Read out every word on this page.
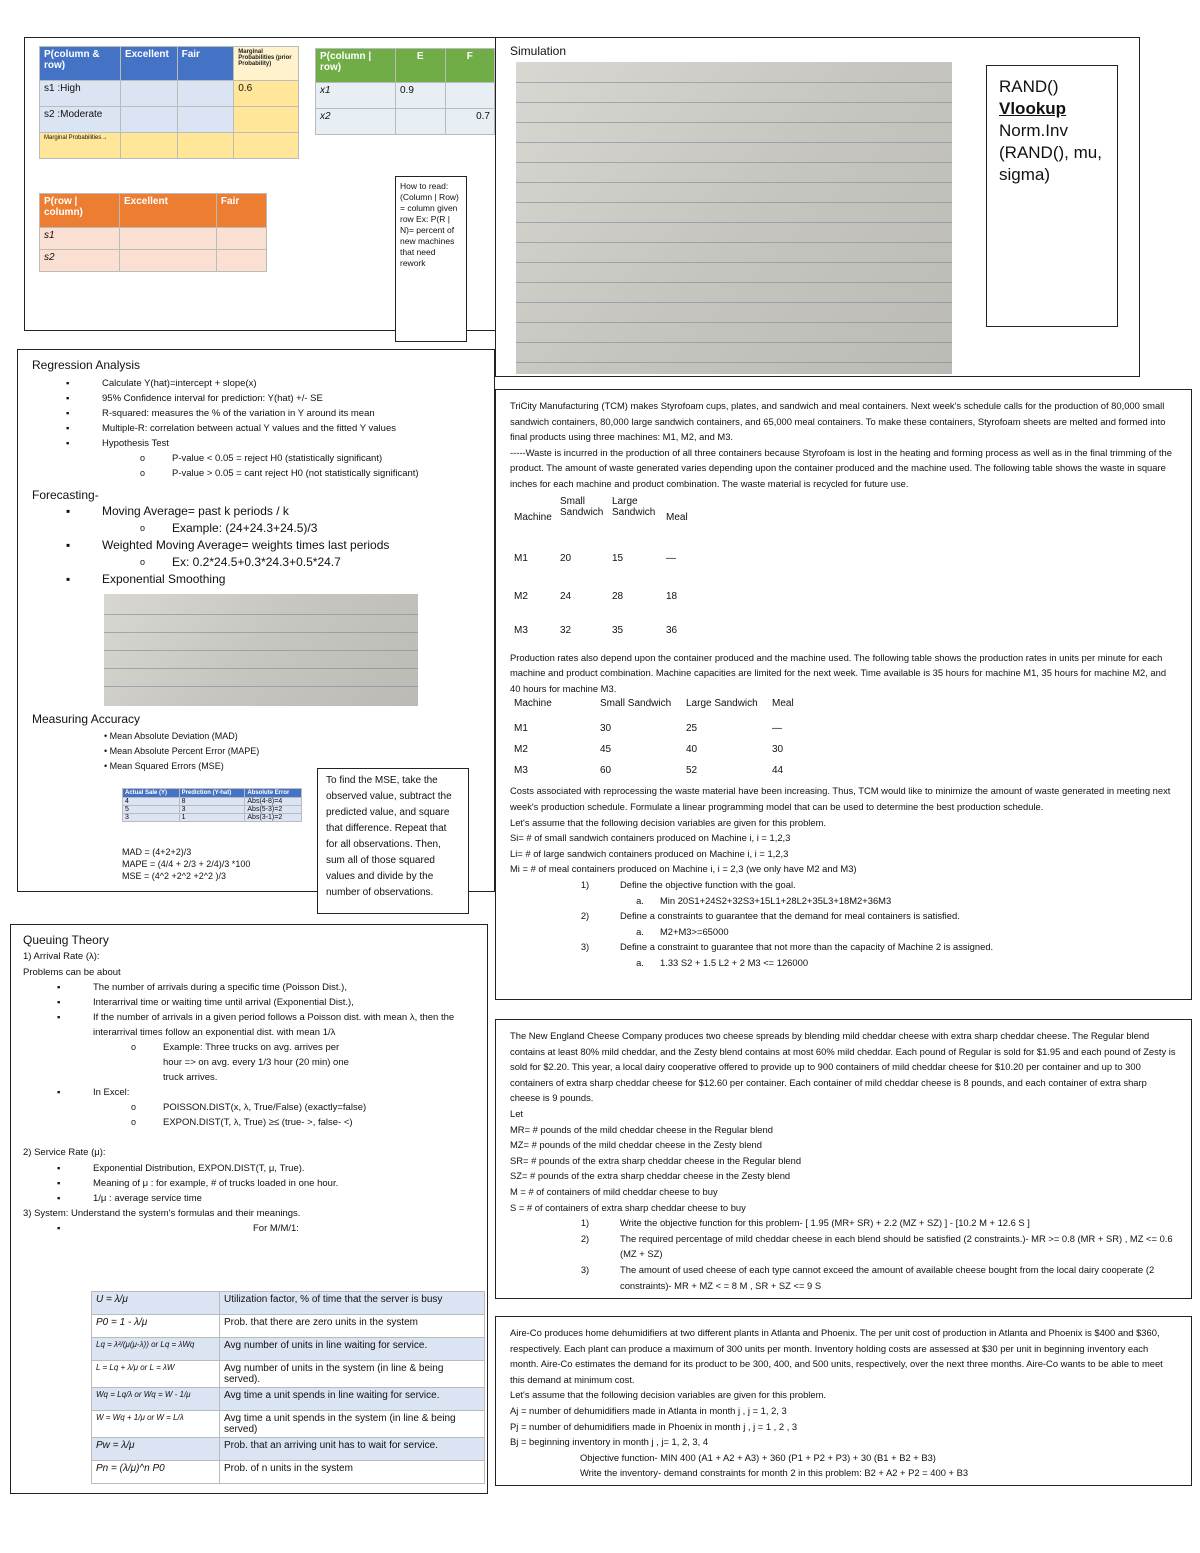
P(column & row)	Excellent	Fair	Marginal Probabilities (prior Probability)
s1 :High			0.6
s2 :Moderate			
Marginal Probabilities→			
P(column | row)	E	F
x1	0.9	
x2		0.7
P(row | column)	Excellent	Fair
s1		
s2		
How to read: (Column | Row) = column given row Ex: P(R | N)= percent of new machines that need rework
Simulation
RAND()
Vlookup
Norm.Inv (RAND(), mu, sigma)
Regression Analysis
▪ Calculate Y(hat)=intercept + slope(x)
▪ 95% Confidence interval for prediction: Y(hat) +/- SE
▪ R-squared: measures the % of the variation in Y around its mean
▪ Multiple-R: correlation between actual Y values and the fitted Y values
▪ Hypothesis Test
o P-value < 0.05 = reject H0 (statistically significant)
o P-value > 0.05 = cant reject H0 (not statistically significant)
Forecasting-
▪ Moving Average= past k periods / k
o Example: (24+24.3+24.5)/3
▪ Weighted Moving Average= weights times last periods
o Ex: 0.2*24.5+0.3*24.3+0.5*24.7
▪ Exponential Smoothing
Measuring Accuracy
• Mean Absolute Deviation (MAD)
• Mean Absolute Percent Error (MAPE)
• Mean Squared Errors (MSE)
Actual Sale (Y)	Prediction (Y-hat)	Absolute Error
4	8	Abs(4-8)=4
5	3	Abs(5-3)=2
3	1	Abs(3-1)=2
MAD = (4+2+2)/3
MAPE = (4/4 + 2/3 + 2/4)/3 *100
MSE = (4^2 +2^2 +2^2 )/3
To find the MSE, take the observed value, subtract the predicted value, and square that difference. Repeat that for all observations. Then, sum all of those squared values and divide by the number of observations.
Queuing Theory
1) Arrival Rate (λ):
Problems can be about
▪ The number of arrivals during a specific time (Poisson Dist.),
▪ Interarrival time or waiting time until arrival (Exponential Dist.),
▪ If the number of arrivals in a given period follows a Poisson dist. with mean λ, then the interarrival times follow an exponential dist. with mean 1/λ
o Example: Three trucks on avg. arrives per hour => on avg. every 1/3 hour (20 min) one truck arrives.
▪ In Excel:
o POISSON.DIST(x, λ, True/False) (exactly=false)
o EXPON.DIST(T, λ, True) ≥≤ (true- >, false- <)
2) Service Rate (μ):
▪ Exponential Distribution, EXPON.DIST(T, μ, True).
▪ Meaning of μ : for example, # of trucks loaded in one hour.
▪ 1/μ : average service time
3) System: Understand the system's formulas and their meanings.
▪ For M/M/1:
U = λ/μ	Utilization factor, % of time that the server is busy
P0 = 1 - λ/μ	Prob. that there are zero units in the system
Lq = λ²/(μ(μ-λ)) or Lq = λWq	Avg number of units in line waiting for service.
L = Lq + λ/μ or L = λW	Avg number of units in the system (in line & being served).
Wq = Lq/λ or Wq = W - 1/μ	Avg time a unit spends in line waiting for service.
W = Wq + 1/μ or W = L/λ	Avg time a unit spends in the system (in line & being served)
Pw = λ/μ	Prob. that an arriving unit has to wait for service.
Pn = (λ/μ)^n P0	Prob. of n units in the system

TriCity Manufacturing (TCM) makes Styrofoam cups, plates, and sandwich and meal containers. Next week's schedule calls for the production of 80,000 small sandwich containers, 80,000 large sandwich containers, and 65,000 meal containers. To make these containers, Styrofoam sheets are melted and formed into final products using three machines: M1, M2, and M3.

-----Waste is incurred in the production of all three containers because Styrofoam is lost in the heating and forming process as well as in the final trimming of the product. The amount of waste generated varies depending upon the container produced and the machine used. The following table shows the waste in square inches for each machine and product combination. The waste material is recycled for future use.

Machine	Small Sandwich	Large Sandwich	Meal
M1	20	15	—
M2	24	28	18
M3	32	35	36

Production rates also depend upon the container produced and the machine used. The following table shows the production rates in units per minute for each machine and product combination. Machine capacities are limited for the next week. Time available is 35 hours for machine M1, 35 hours for machine M2, and 40 hours for machine M3.

Machine	Small Sandwich	Large Sandwich	Meal
M1	30	25	—
M2	45	40	30
M3	60	52	44

Costs associated with reprocessing the waste material have been increasing. Thus, TCM would like to minimize the amount of waste generated in meeting next week's production schedule. Formulate a linear programming model that can be used to determine the best production schedule.

Let's assume that the following decision variables are given for this problem.

Si= # of small sandwich containers produced on Machine i, i = 1,2,3

Li= # of large sandwich containers produced on Machine i, i = 1,2,3

Mi = # of meal containers produced on Machine i, i = 2,3 (we only have M2 and M3)

1)	Define the objective function with the goal.

a. Min 20S1+24S2+32S3+15L1+28L2+35L3+18M2+36M3

2)	Define a constraints to guarantee that the demand for meal containers is satisfied.

a. M2+M3>=65000

3)	Define a constraint to guarantee that not more than the capacity of Machine 2 is assigned.

a. 1.33 S2 + 1.5 L2 + 2 M3 <= 126000

The New England Cheese Company produces two cheese spreads by blending mild cheddar cheese with extra sharp cheddar cheese. The Regular blend contains at least 80% mild cheddar, and the Zesty blend contains at most 60% mild cheddar. Each pound of Regular is sold for $1.95 and each pound of Zesty is sold for $2.20. This year, a local dairy cooperative offered to provide up to 900 containers of mild cheddar cheese for $10.20 per container and up to 300 containers of extra sharp cheddar cheese for $12.60 per container. Each container of mild cheddar cheese is 8 pounds, and each container of extra sharp cheese is 9 pounds.

Let

MR= # pounds of the mild cheddar cheese in the Regular blend

MZ= # pounds of the mild cheddar cheese in the Zesty blend

SR= # pounds of the extra sharp cheddar cheese in the Regular blend

SZ= # pounds of the extra sharp cheddar cheese in the Zesty blend

M = # of containers of mild cheddar cheese to buy

S = # of containers of extra sharp cheddar cheese to buy

1)	Write the objective function for this problem- [ 1.95 (MR+ SR) + 2.2 (MZ + SZ) ] - [10.2 M + 12.6 S ]

2)	The required percentage of mild cheddar cheese in each blend should be satisfied (2 constraints.)- MR >= 0.8 (MR + SR) , MZ <= 0.6 (MZ + SZ)

3)	The amount of used cheese of each type cannot exceed the amount of available cheese bought from the local dairy cooperate (2 constraints)- MR + MZ < = 8 M , SR + SZ <= 9 S

Aire-Co produces home dehumidifiers at two different plants in Atlanta and Phoenix. The per unit cost of production in Atlanta and Phoenix is $400 and $360, respectively. Each plant can produce a maximum of 300 units per month. Inventory holding costs are assessed at $30 per unit in beginning inventory each month. Aire-Co estimates the demand for its product to be 300, 400, and 500 units, respectively, over the next three months. Aire-Co wants to be able to meet this demand at minimum cost.

Let's assume that the following decision variables are given for this problem.

Aj = number of dehumidifiers made in Atlanta in month j , j = 1, 2, 3

Pj = number of dehumidifiers made in Phoenix in month j , j = 1 , 2 , 3

Bj = beginning inventory in month j , j= 1, 2, 3, 4

Objective function- MIN 400 (A1 + A2 + A3) + 360 (P1 + P2 + P3) + 30 (B1 + B2 + B3)

Write the inventory- demand constraints for month 2 in this problem: B2 + A2 + P2 = 400 + B3
